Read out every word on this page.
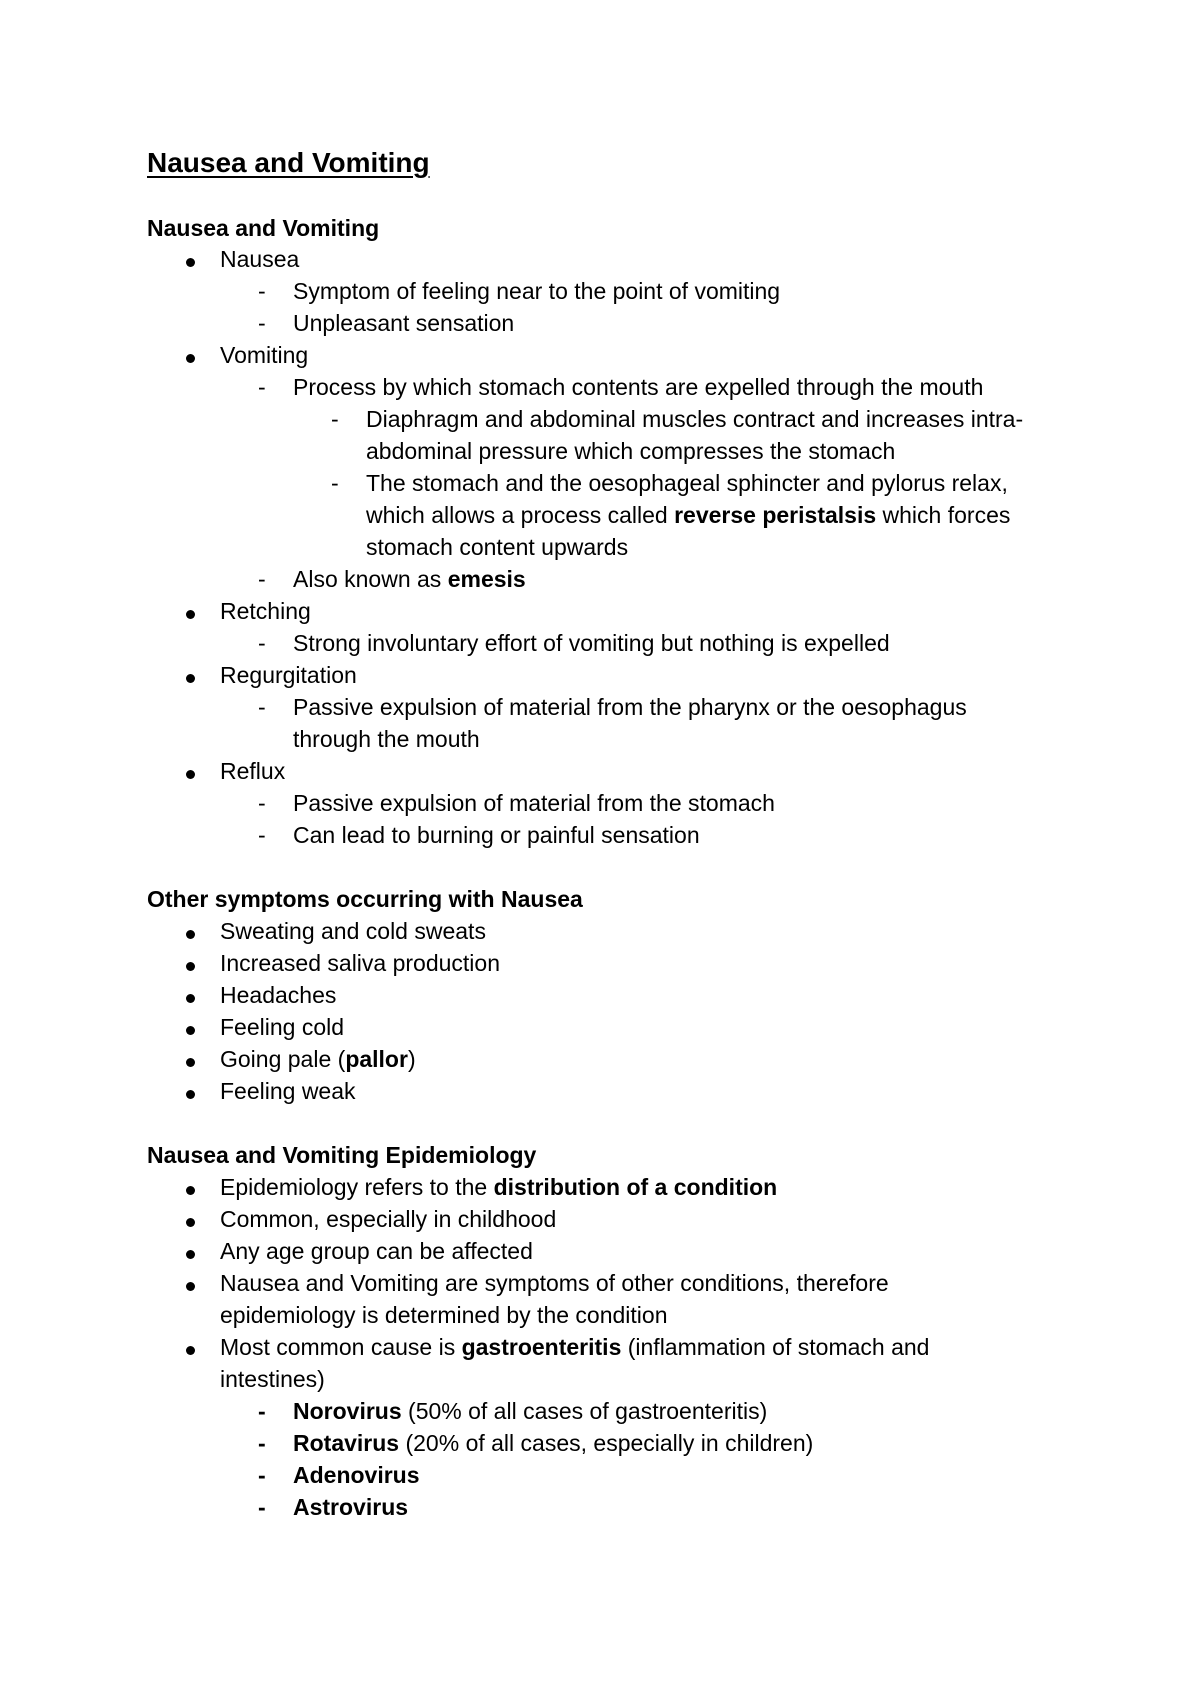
Nausea and Vomiting
Nausea and Vomiting
Nausea
- Symptom of feeling near to the point of vomiting
- Unpleasant sensation
Vomiting
- Process by which stomach contents are expelled through the mouth
- Diaphragm and abdominal muscles contract and increases intra-
abdominal pressure which compresses the stomach
- The stomach and the oesophageal sphincter and pylorus relax,
which allows a process called reverse peristalsis which forces
stomach content upwards
- Also known as emesis
Retching
- Strong involuntary effort of vomiting but nothing is expelled
Regurgitation
- Passive expulsion of material from the pharynx or the oesophagus
through the mouth
Reflux
- Passive expulsion of material from the stomach
- Can lead to burning or painful sensation
Other symptoms occurring with Nausea
Sweating and cold sweats
Increased saliva production
Headaches
Feeling cold
Going pale (pallor)
Feeling weak
Nausea and Vomiting Epidemiology
Epidemiology refers to the distribution of a condition
Common, especially in childhood
Any age group can be affected
Nausea and Vomiting are symptoms of other conditions, therefore
epidemiology is determined by the condition
Most common cause is gastroenteritis (inflammation of stomach and
intestines)
- Norovirus (50% of all cases of gastroenteritis)
- Rotavirus (20% of all cases, especially in children)
- Adenovirus
- Astrovirus
